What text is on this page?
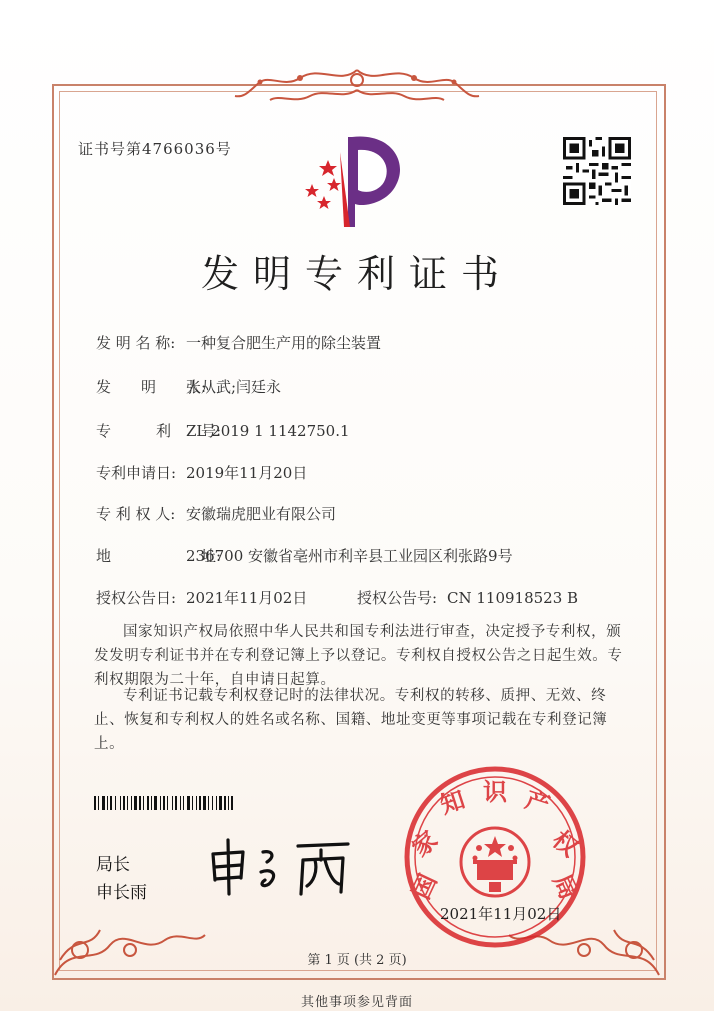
证书号第4766036号
发明专利证书
发 明 名 称: 一种复合肥生产用的除尘装置
发　　明　　人:张从武;闫廷永
专　　　利　　号:ZL 2019 1 1142750.1
专利申请日: 2019年11月20日
专 利 权 人: 安徽瑞虎肥业有限公司
地　　　　　　址:236700 安徽省亳州市利辛县工业园区利张路9号
授权公告日: 2021年11月02日	授权公告号: CN 110918523 B
国家知识产权局依照中华人民共和国专利法进行审查，决定授予专利权，颁发发明专利证书并在专利登记簿上予以登记。专利权自授权公告之日起生效。专利权期限为二十年，自申请日起算。
专利证书记载专利权登记时的法律状况。专利权的转移、质押、无效、终止、恢复和专利权人的姓名或名称、国籍、地址变更等事项记载在专利登记簿上。
局长
申长雨	国
家
知 识 产
权
局
2021年11月02日
第 1 页 (共 2 页)
其他事项参见背面
